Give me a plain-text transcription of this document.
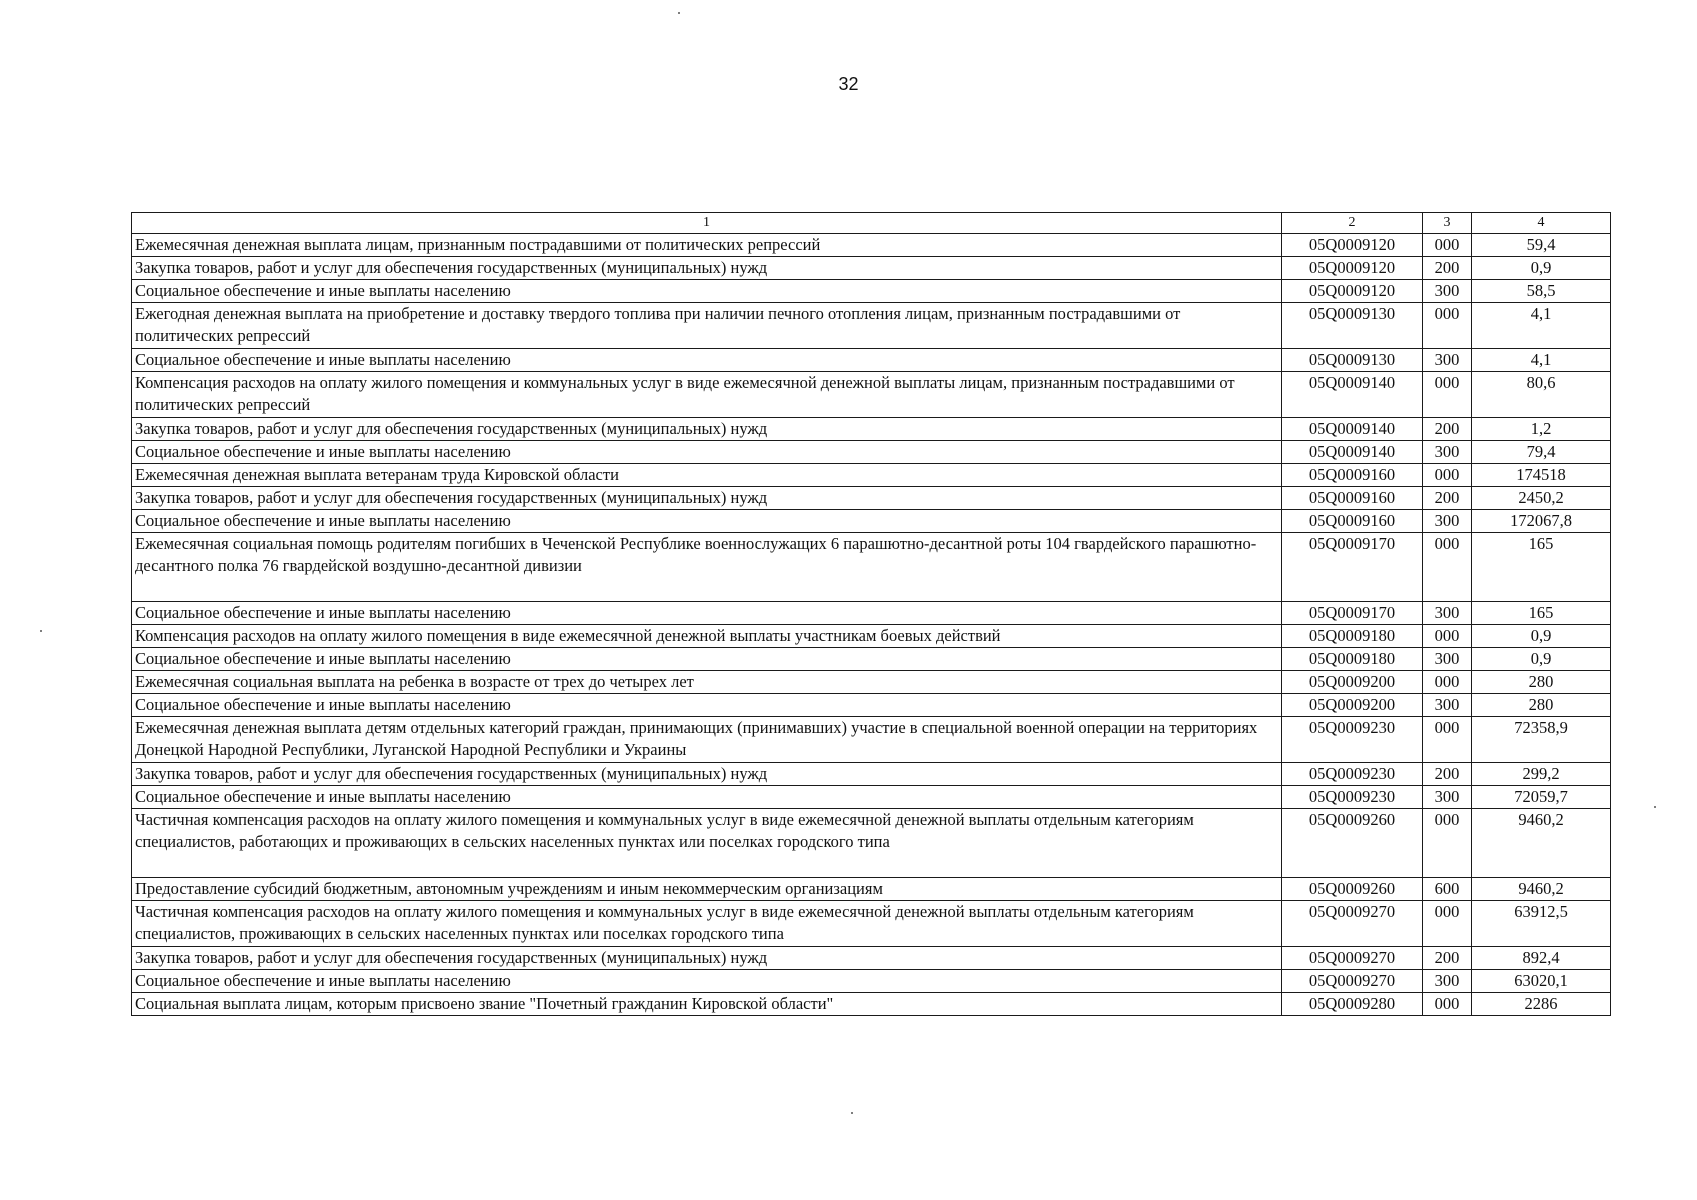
32
1	2	3	4
Ежемесячная денежная выплата лицам, признанным пострадавшими от политических репрессий	05Q0009120	000	59,4
Закупка товаров, работ и услуг для обеспечения государственных (муниципальных) нужд	05Q0009120	200	0,9
Социальное обеспечение и иные выплаты населению	05Q0009120	300	58,5
Ежегодная денежная выплата на приобретение и доставку твердого топлива при наличии печного отопления лицам, признанным пострадавшими от политических репрессий	05Q0009130	000	4,1
Социальное обеспечение и иные выплаты населению	05Q0009130	300	4,1
Компенсация расходов на оплату жилого помещения и коммунальных услуг в виде ежемесячной денежной выплаты лицам, признанным пострадавшими от политических репрессий	05Q0009140	000	80,6
Закупка товаров, работ и услуг для обеспечения государственных (муниципальных) нужд	05Q0009140	200	1,2
Социальное обеспечение и иные выплаты населению	05Q0009140	300	79,4
Ежемесячная денежная выплата ветеранам труда Кировской области	05Q0009160	000	174518
Закупка товаров, работ и услуг для обеспечения государственных (муниципальных) нужд	05Q0009160	200	2450,2
Социальное обеспечение и иные выплаты населению	05Q0009160	300	172067,8
Ежемесячная социальная помощь родителям погибших в Чеченской Республике военнослужащих 6 парашютно-десантной роты 104 гвардейского парашютно-десантного полка 76 гвардейской воздушно-десантной дивизии	05Q0009170	000	165
Социальное обеспечение и иные выплаты населению	05Q0009170	300	165
Компенсация расходов на оплату жилого помещения в виде ежемесячной денежной выплаты участникам боевых действий	05Q0009180	000	0,9
Социальное обеспечение и иные выплаты населению	05Q0009180	300	0,9
Ежемесячная социальная выплата на ребенка в возрасте от трех до четырех лет	05Q0009200	000	280
Социальное обеспечение и иные выплаты населению	05Q0009200	300	280
Ежемесячная денежная выплата детям отдельных категорий граждан, принимающих (принимавших) участие в специальной военной операции на территориях Донецкой Народной Республики, Луганской Народной Республики и Украины	05Q0009230	000	72358,9
Закупка товаров, работ и услуг для обеспечения государственных (муниципальных) нужд	05Q0009230	200	299,2
Социальное обеспечение и иные выплаты населению	05Q0009230	300	72059,7
Частичная компенсация расходов на оплату жилого помещения и коммунальных услуг в виде ежемесячной денежной выплаты отдельным категориям специалистов, работающих и проживающих в сельских населенных пунктах или поселках городского типа	05Q0009260	000	9460,2
Предоставление субсидий бюджетным, автономным учреждениям и иным некоммерческим организациям	05Q0009260	600	9460,2
Частичная компенсация расходов на оплату жилого помещения и коммунальных услуг в виде ежемесячной денежной выплаты отдельным категориям специалистов, проживающих в сельских населенных пунктах или поселках городского типа	05Q0009270	000	63912,5
Закупка товаров, работ и услуг для обеспечения государственных (муниципальных) нужд	05Q0009270	200	892,4
Социальное обеспечение и иные выплаты населению	05Q0009270	300	63020,1
Социальная выплата лицам, которым присвоено звание "Почетный гражданин Кировской области"	05Q0009280	000	2286
